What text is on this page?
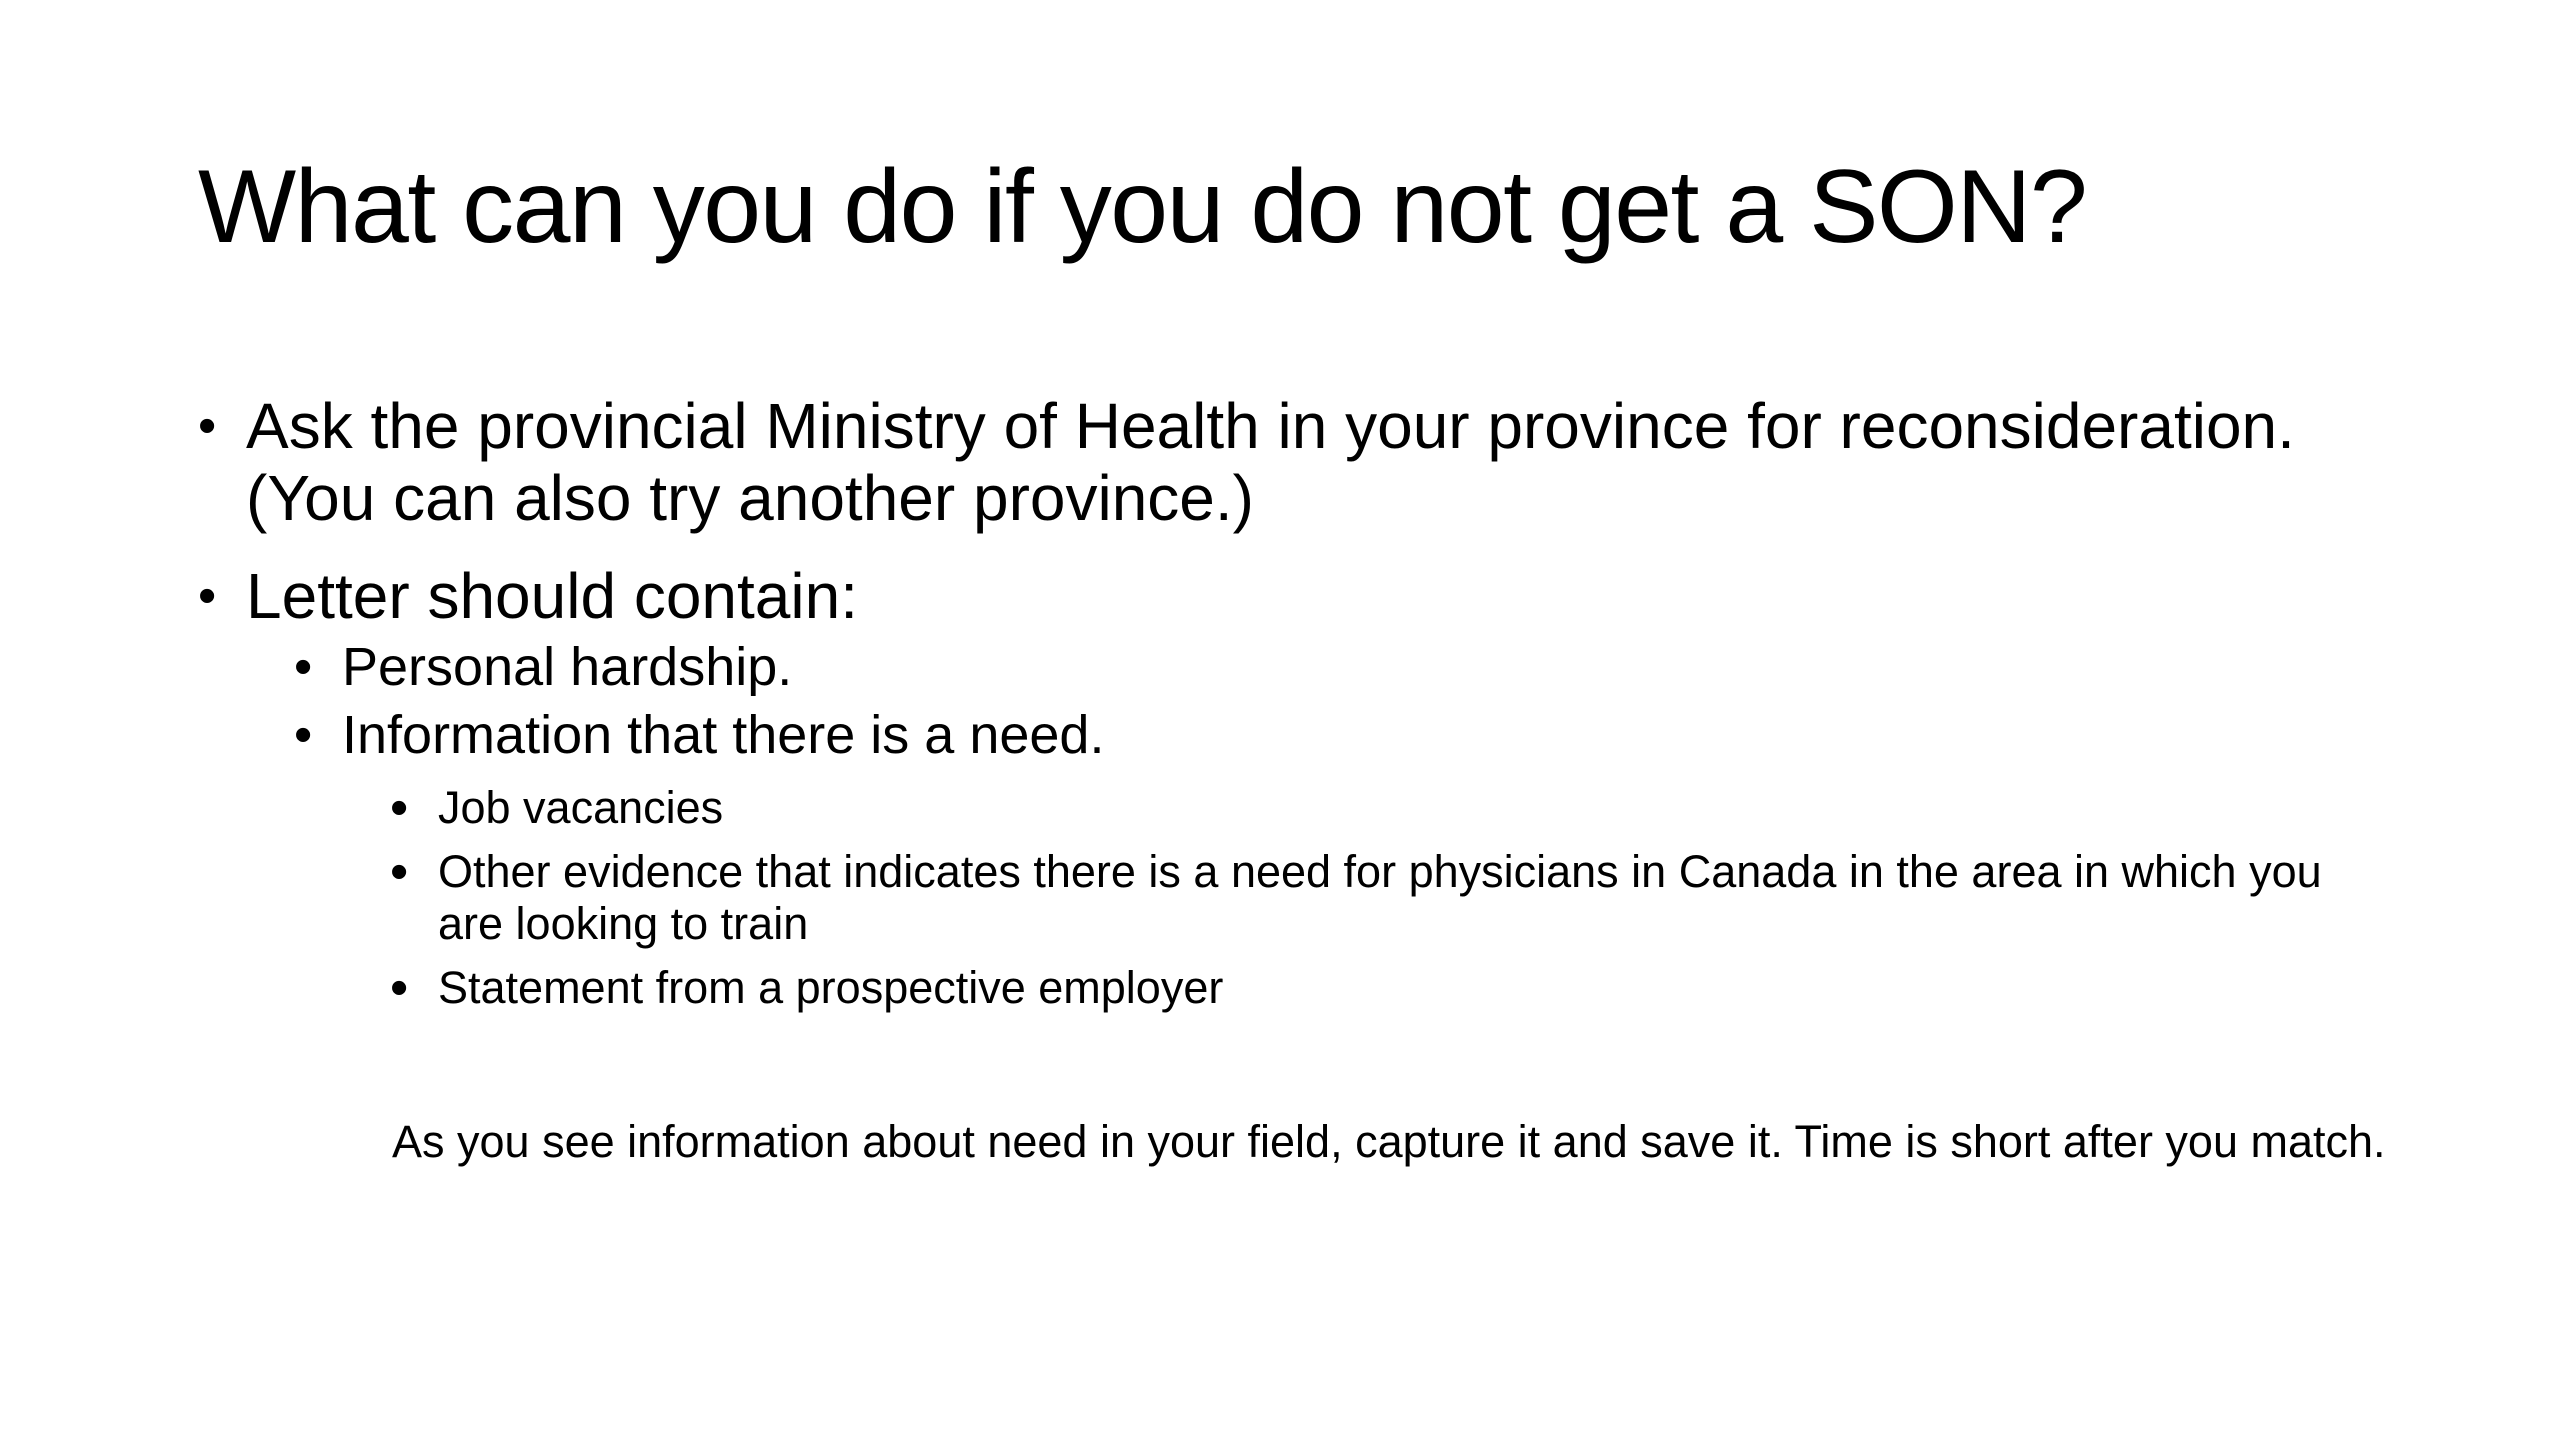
What can you do if you do not get a SON?
• Ask the provincial Ministry of Health in your province for reconsideration. (You can also try another province.)
• Letter should contain:
• Personal hardship.
• Information that there is a need.
• Job vacancies
• Other evidence that indicates there is a need for physicians in Canada in the area in which you are looking to train
• Statement from a prospective employer

As you see information about need in your field, capture it and save it. Time is short after you match.
